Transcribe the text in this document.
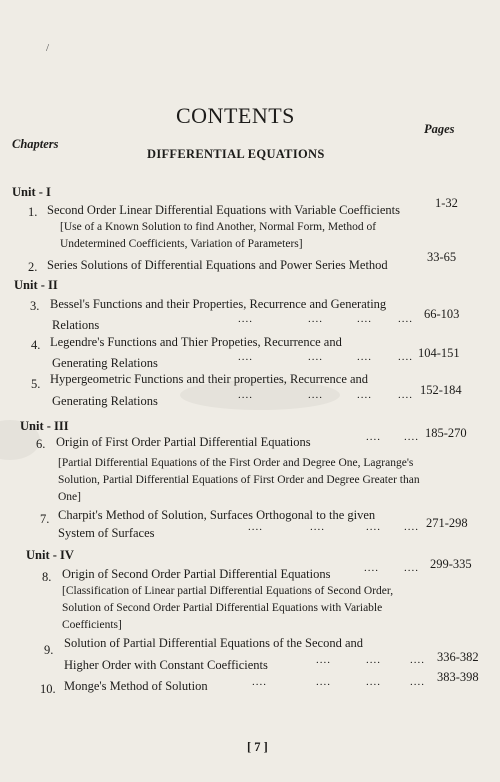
/
CONTENTS
Chapters
Pages
DIFFERENTIAL EQUATIONS
Unit - I
1. Second Order Linear Differential Equations with Variable Coefficients	1-32
[Use of a Known Solution to find Another, Normal Form, Method of Undetermined Coefficients, Variation of Parameters]
2. Series Solutions of Differential Equations and Power Series Method
33-65
Unit - II
3. Bessel's Functions and their Properties, Recurrence and Generating
Relations	....	....	.... .... 66-103
4. Legendre's Functions and Thier Propeties, Recurrence and
Generating Relations	....	....	.... .... 104-151
5. Hypergeometric Functions and their properties, Recurrence and
Generating Relations	....	....	.... .... 152-184
Unit - III
6. Origin of First Order Partial Differential Equations	.... .... 185-270
[Partial Differential Equations of the First Order and Degree One, Lagrange's Solution, Partial Differential Equations of First Order and Degree Greater than One]
7. Charpit's Method of Solution, Surfaces Orthogonal to the given
System of Surfaces	....	....	.... .... 271-298
Unit - IV
8. Origin of Second Order Partial Differential Equations	.... .... 299-335
[Classification of Linear partial Differential Equations of Second Order, Solution of Second Order Partial Differential Equations with Variable Coefficients]
9. Solution of Partial Differential Equations of the Second and
Higher Order with Constant Coefficients	....	....	.... 336-382
10. Monge's Method of Solution	....	....	....	.... 383-398
[ 7 ]
